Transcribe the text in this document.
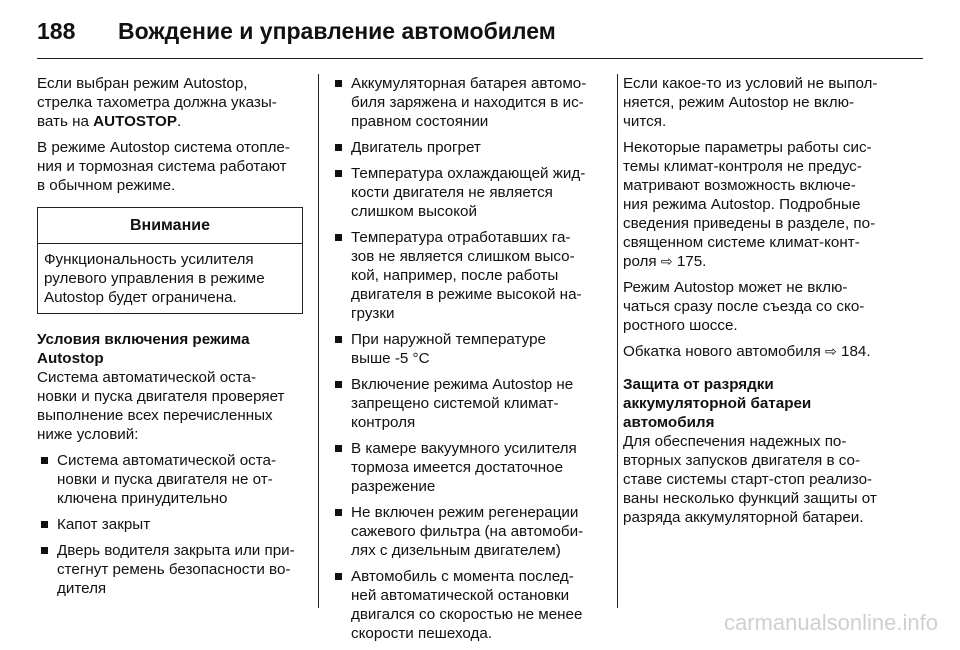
188 Вождение и управление автомобилем

Если выбран режим Autostop,
стрелка тахометра должна указы-
вать на AUTOSTOP.

В режиме Autostop система отопле-
ния и тормозная система работают
в обычном режиме.

Внимание
Функциональность усилителя
рулевого управления в режиме
Autostop будет ограничена.
Условия включения режима
Autostop

Система автоматической оста-
новки и пуска двигателя проверяет
выполнение всех перечисленных
ниже условий:

Система автоматической оста-
новки и пуска двигателя не от-
ключена принудительно
Капот закрыт
Дверь водителя закрыта или при-
стегнут ремень безопасности во-
дителя
Аккумуляторная батарея автомо-
биля заряжена и находится в ис-
правном состоянии
Двигатель прогрет
Температура охлаждающей жид-
кости двигателя не является
слишком высокой
Температура отработавших га-
зов не является слишком высо-
кой, например, после работы
двигателя в режиме высокой на-
грузки
При наружной температуре
выше -5 °C
Включение режима Autostop не
запрещено системой климат-
контроля
В камере вакуумного усилителя
тормоза имеется достаточное
разрежение
Не включен режим регенерации
сажевого фильтра (на автомоби-
лях с дизельным двигателем)
Автомобиль с момента послед-
ней автоматической остановки
двигался со скоростью не менее
скорости пешехода.

Если какое-то из условий не выпол-
няется, режим Autostop не вклю-
чится.

Некоторые параметры работы сис-
темы климат-контроля не предус-
матривают возможность включе-
ния режима Autostop. Подробные
сведения приведены в разделе, по-
священном системе климат-конт-
роля ⇨ 175.

Режим Autostop может не вклю-
чаться сразу после съезда со ско-
ростного шоссе.

Обкатка нового автомобиля ⇨ 184.

Защита от разрядки
аккумуляторной батареи
автомобиля

Для обеспечения надежных по-
вторных запусков двигателя в со-
ставе системы старт-стоп реализо-
ваны несколько функций защиты от
разряда аккумуляторной батареи.

carmanualsonline.info
